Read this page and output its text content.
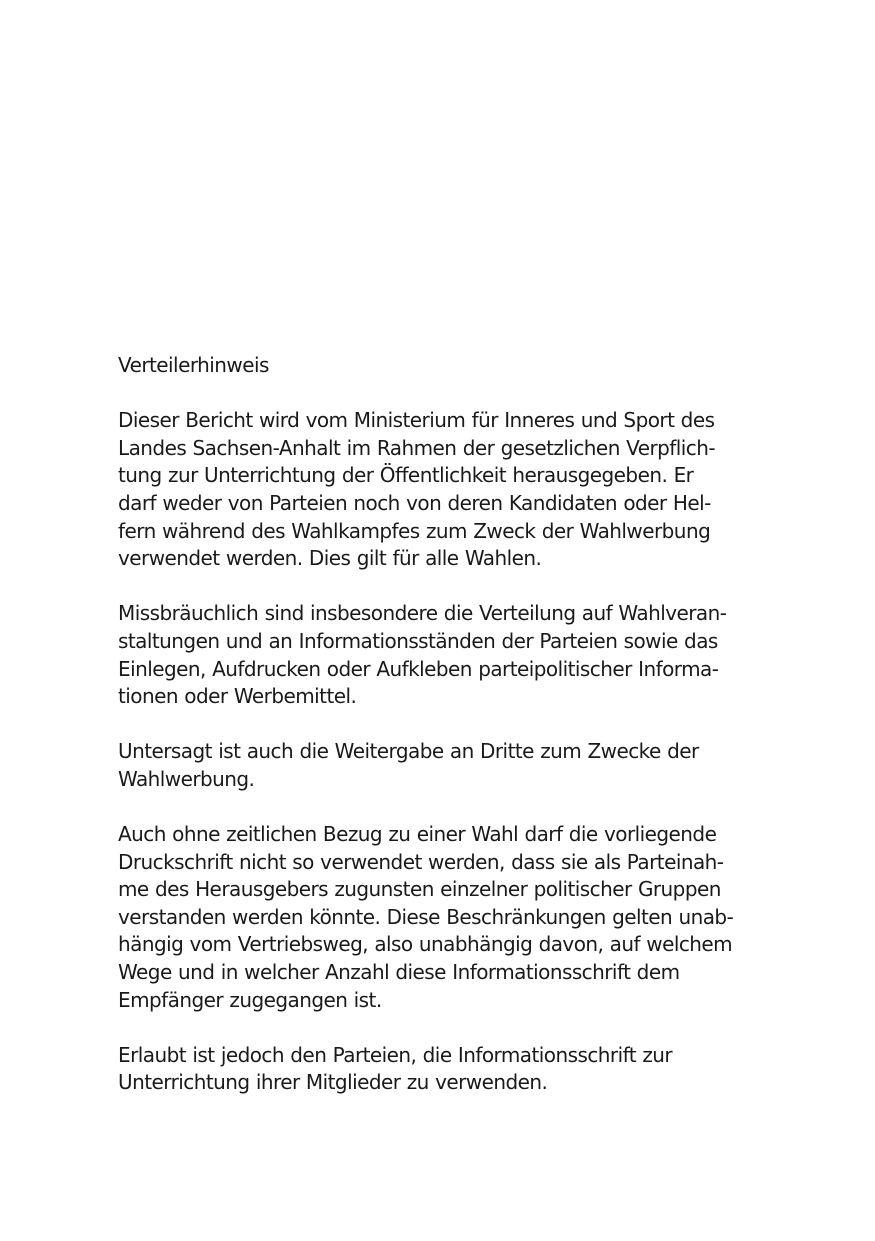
Verteilerhinweis
Dieser Bericht wird vom Ministerium für Inneres und Sport des
Landes Sachsen-Anhalt im Rahmen der gesetzlichen Verpflich-
tung zur Unterrichtung der Öffentlichkeit herausgegeben. Er
darf weder von Parteien noch von deren Kandidaten oder Hel-
fern während des Wahlkampfes zum Zweck der Wahlwerbung
verwendet werden. Dies gilt für alle Wahlen.
Missbräuchlich sind insbesondere die Verteilung auf Wahlveran-
staltungen und an Informationsständen der Parteien sowie das
Einlegen, Aufdrucken oder Aufkleben parteipolitischer Informa-
tionen oder Werbemittel.
Untersagt ist auch die Weitergabe an Dritte zum Zwecke der
Wahlwerbung.
Auch ohne zeitlichen Bezug zu einer Wahl darf die vorliegende
Druckschrift nicht so verwendet werden, dass sie als Parteinah-
me des Herausgebers zugunsten einzelner politischer Gruppen
verstanden werden könnte. Diese Beschränkungen gelten unab-
hängig vom Vertriebsweg, also unabhängig davon, auf welchem
Wege und in welcher Anzahl diese Informationsschrift dem
Empfänger zugegangen ist.
Erlaubt ist jedoch den Parteien, die Informationsschrift zur
Unterrichtung ihrer Mitglieder zu verwenden.
